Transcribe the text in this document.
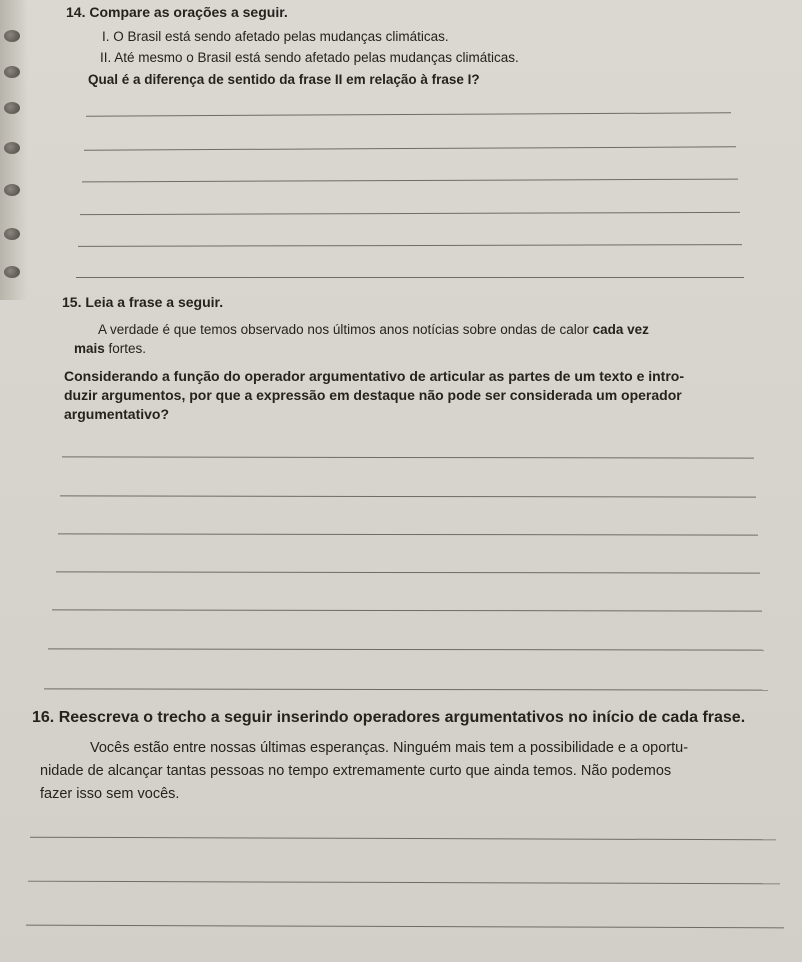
14. Compare as orações a seguir.
I. O Brasil está sendo afetado pelas mudanças climáticas.
II. Até mesmo o Brasil está sendo afetado pelas mudanças climáticas.
Qual é a diferença de sentido da frase II em relação à frase I?
15. Leia a frase a seguir.
A verdade é que temos observado nos últimos anos notícias sobre ondas de calor cada vez
mais fortes.
Considerando a função do operador argumentativo de articular as partes de um texto e intro-
duzir argumentos, por que a expressão em destaque não pode ser considerada um operador
argumentativo?
16. Reescreva o trecho a seguir inserindo operadores argumentativos no início de cada frase.
Vocês estão entre nossas últimas esperanças. Ninguém mais tem a possibilidade e a oportu-
nidade de alcançar tantas pessoas no tempo extremamente curto que ainda temos. Não podemos
fazer isso sem vocês.
